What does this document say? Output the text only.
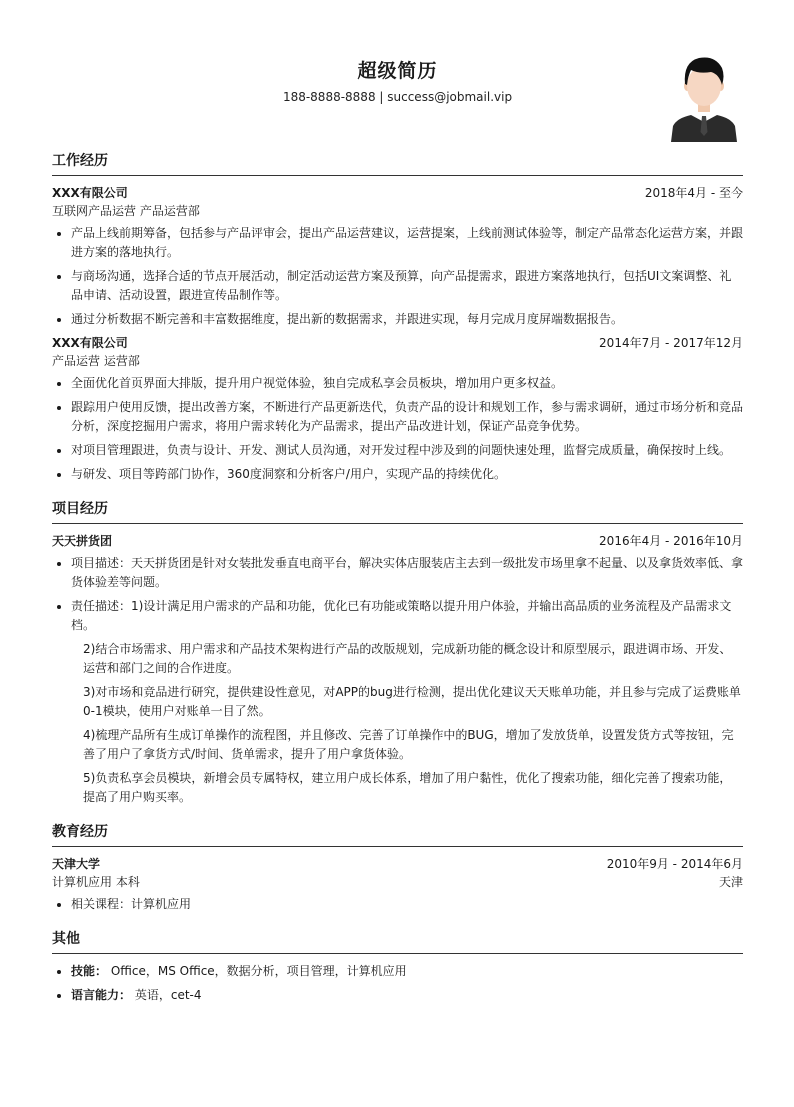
超级简历
188-8888-8888 | success@jobmail.vip
工作经历
XXX有限公司	2018年4月 - 至今
互联网产品运营 产品运营部
• 产品上线前期筹备，包括参与产品评审会，提出产品运营建议，运营提案，上线前测试体验等，制定产品常态化运营方案，并跟进方案的落地执行。
• 与商场沟通，选择合适的节点开展活动，制定活动运营方案及预算，向产品提需求，跟进方案落地执行，包括UI文案调整、礼品申请、活动设置，跟进宣传品制作等。
• 通过分析数据不断完善和丰富数据维度，提出新的数据需求，并跟进实现，每月完成月度屏端数据报告。
XXX有限公司	2014年7月 - 2017年12月
产品运营 运营部
• 全面优化首页界面大排版，提升用户视觉体验，独自完成私享会员板块，增加用户更多权益。
• 跟踪用户使用反馈，提出改善方案，不断进行产品更新迭代，负责产品的设计和规划工作，参与需求调研，通过市场分析和竞品分析，深度挖掘用户需求，将用户需求转化为产品需求，提出产品改进计划，保证产品竞争优势。
• 对项目管理跟进，负责与设计、开发、测试人员沟通，对开发过程中涉及到的问题快速处理，监督完成质量，确保按时上线。
• 与研发、项目等跨部门协作，360度洞察和分析客户/用户，实现产品的持续优化。
项目经历
天天拼货团	2016年4月 - 2016年10月
• 项目描述：天天拼货团是针对女装批发垂直电商平台，解决实体店服装店主去到一级批发市场里拿不起量、以及拿货效率低、拿货体验差等问题。
• 责任描述：1)设计满足用户需求的产品和功能，优化已有功能或策略以提升用户体验，并输出高品质的业务流程及产品需求文档。
2)结合市场需求、用户需求和产品技术架构进行产品的改版规划，完成新功能的概念设计和原型展示，跟进调市场、开发、运营和部门之间的合作进度。
3)对市场和竞品进行研究，提供建设性意见，对APP的bug进行检测，提出优化建议天天账单功能，并且参与完成了运费账单0-1模块，使用户对账单一目了然。
4)梳理产品所有生成订单操作的流程图，并且修改、完善了订单操作中的BUG，增加了发放货单，设置发货方式等按钮，完善了用户了拿货方式/时间、货单需求，提升了用户拿货体验。
5)负责私享会员模块，新增会员专属特权，建立用户成长体系，增加了用户黏性，优化了搜索功能，细化完善了搜索功能，提高了用户购买率。
教育经历
天津大学	2010年9月 - 2014年6月
计算机应用 本科	天津
• 相关课程：计算机应用
其他
• 技能： Office，MS Office，数据分析，项目管理，计算机应用
• 语言能力： 英语，cet-4
